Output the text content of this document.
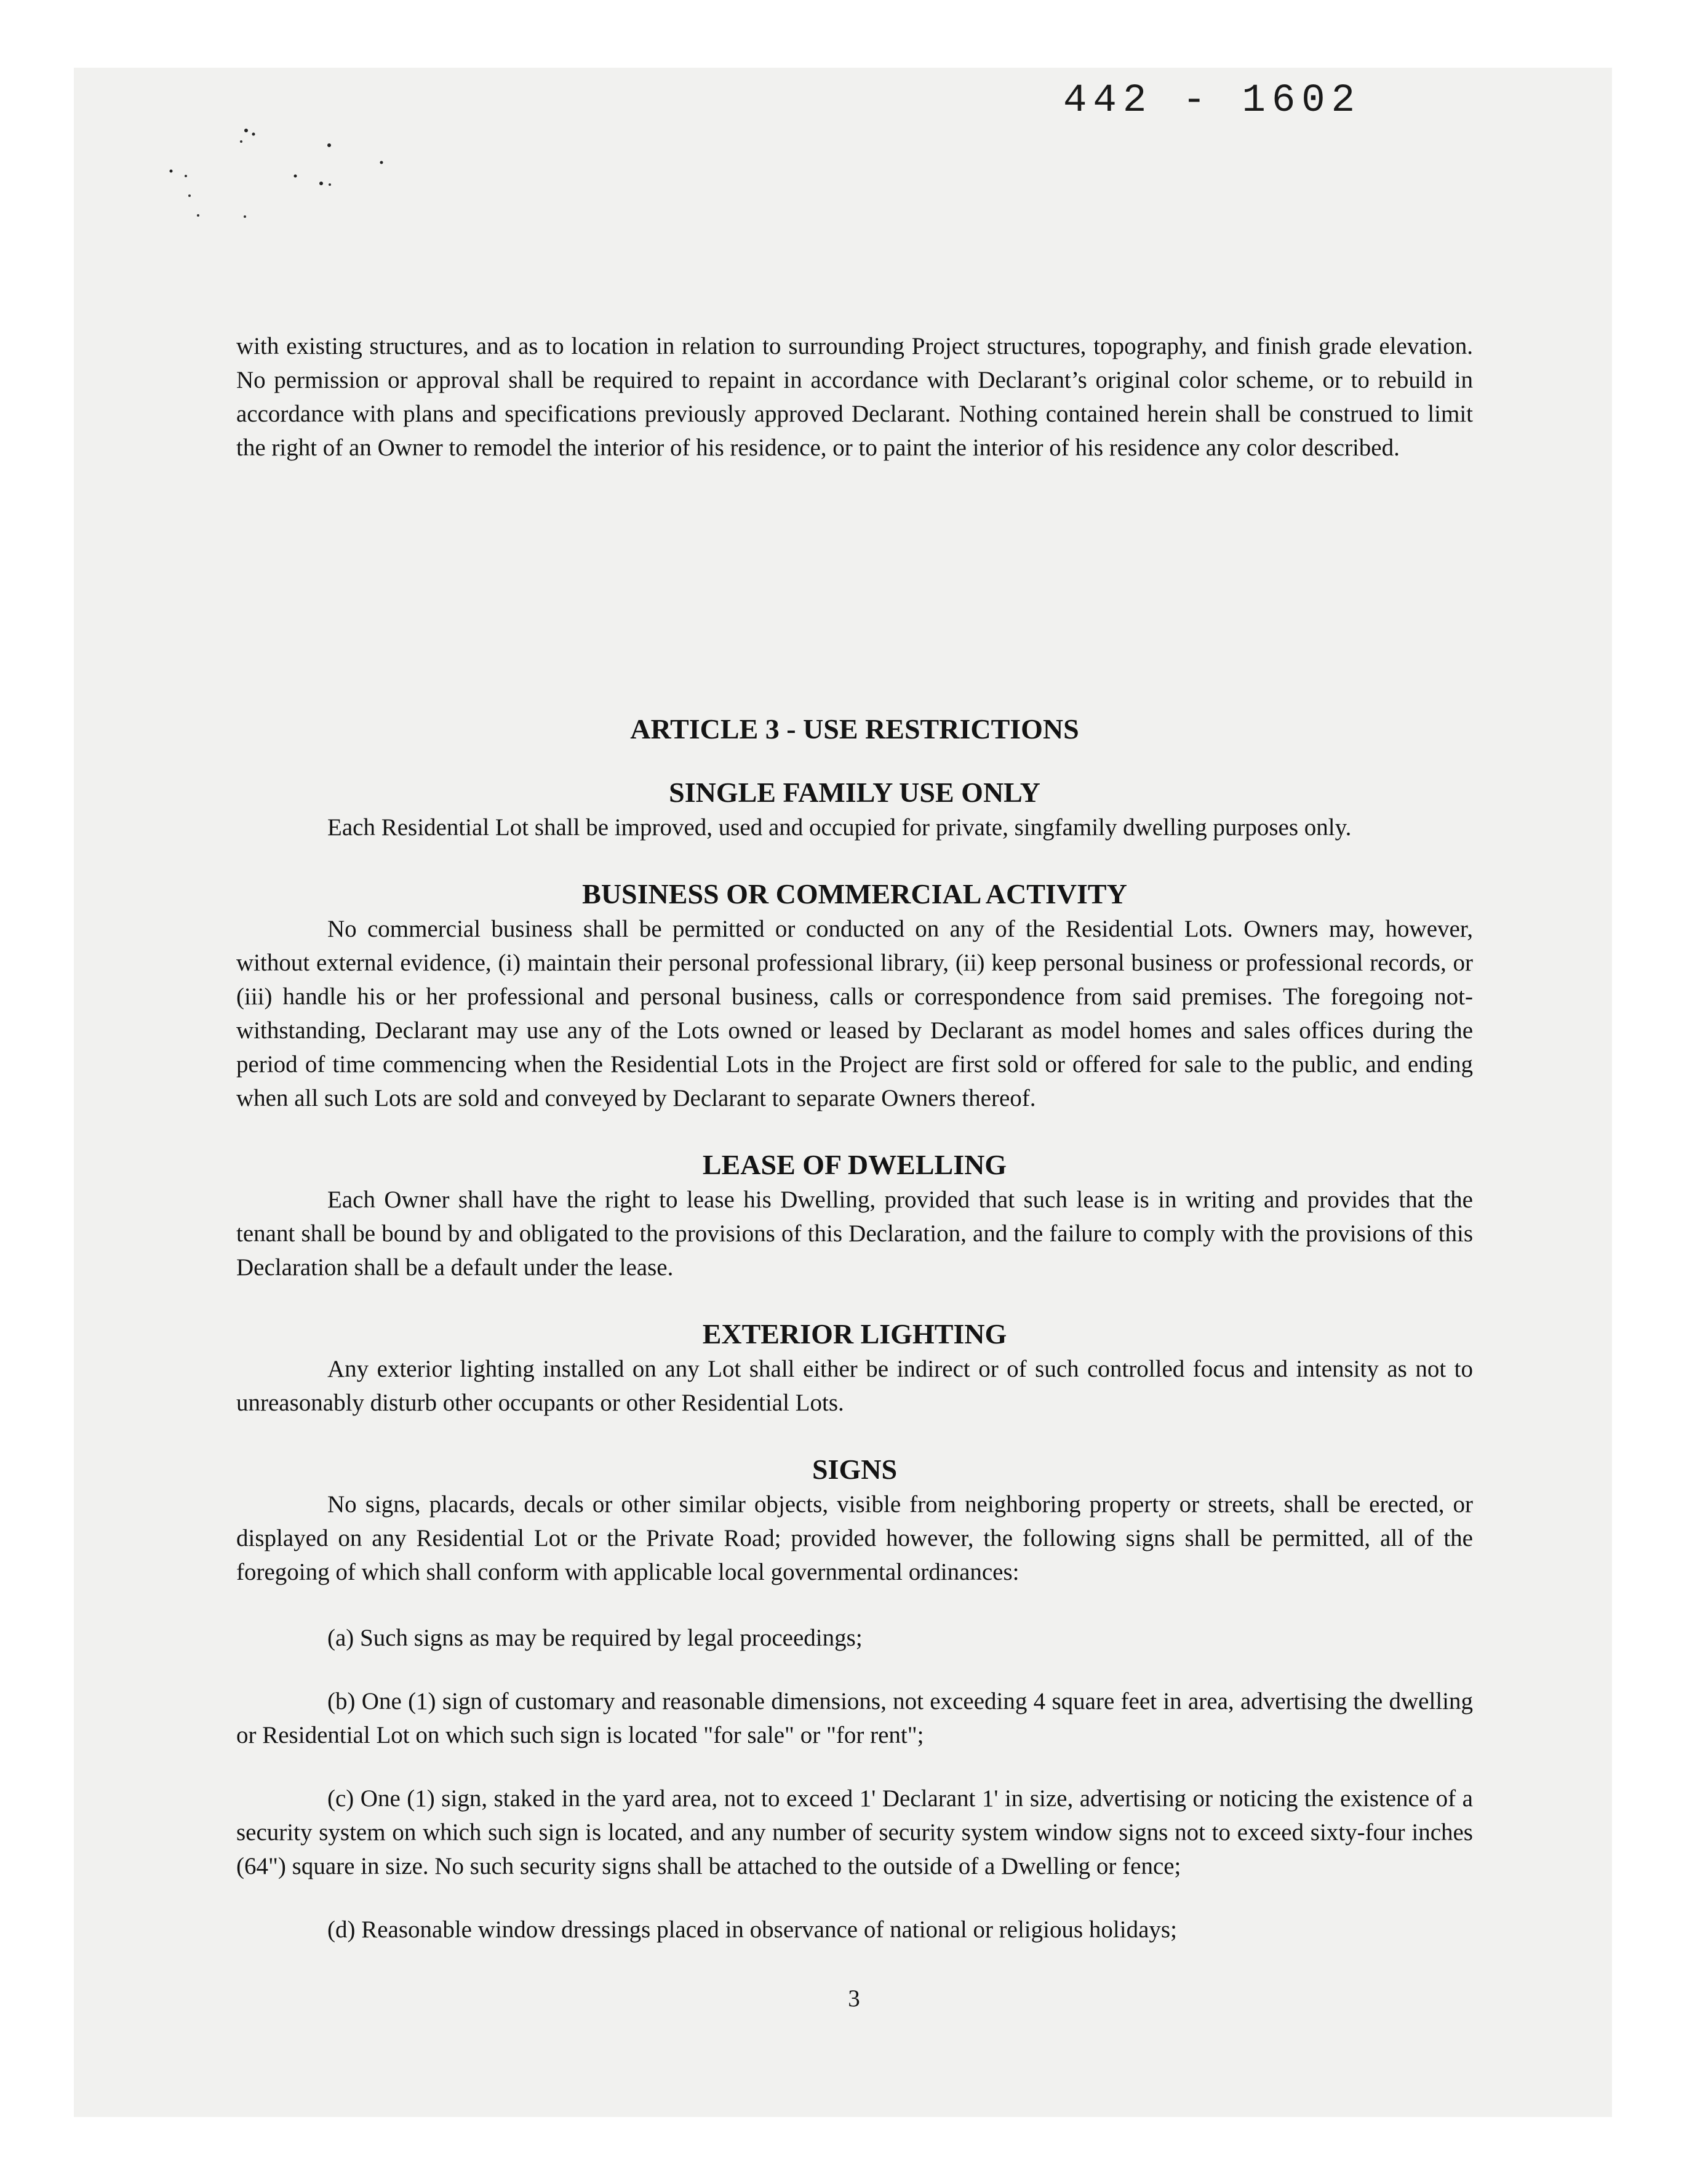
442 - 1602

with existing structures, and as to location in relation to surrounding Project structures, topography, and finish grade elevation. No permission or approval shall be required to repaint in accordance with Declarant’s original color scheme, or to rebuild in accordance with plans and specifications previously approved Declarant. Nothing contained herein shall be construed to limit the right of an Owner to remodel the interior of his residence, or to paint the interior of his residence any color described.

ARTICLE 3 - USE RESTRICTIONS
SINGLE FAMILY USE ONLY

Each Residential Lot shall be improved, used and occupied for private, singfamily dwelling purposes only.

BUSINESS OR COMMERCIAL ACTIVITY

No commercial business shall be permitted or conducted on any of the Residential Lots. Owners may, however, without external evidence, (i) maintain their personal professional library, (ii) keep personal business or professional records, or (iii) handle his or her professional and personal business, calls or correspondence from said premises. The foregoing not-withstanding, Declarant may use any of the Lots owned or leased by Declarant as model homes and sales offices during the period of time commencing when the Residential Lots in the Project are first sold or offered for sale to the public, and ending when all such Lots are sold and conveyed by Declarant to separate Owners thereof.

LEASE OF DWELLING

Each Owner shall have the right to lease his Dwelling, provided that such lease is in writing and provides that the tenant shall be bound by and obligated to the provisions of this Declaration, and the failure to comply with the provisions of this Declaration shall be a default under the lease.

EXTERIOR LIGHTING

Any exterior lighting installed on any Lot shall either be indirect or of such controlled focus and intensity as not to unreasonably disturb other occupants or other Residential Lots.

SIGNS

No signs, placards, decals or other similar objects, visible from neighboring property or streets, shall be erected, or displayed on any Residential Lot or the Private Road; provided however, the following signs shall be permitted, all of the foregoing of which shall conform with applicable local governmental ordinances:

(a) Such signs as may be required by legal proceedings;

(b) One (1) sign of customary and reasonable dimensions, not exceeding 4 square feet in area, advertising the dwelling or Residential Lot on which such sign is located "for sale" or "for rent";

(c) One (1) sign, staked in the yard area, not to exceed 1' Declarant 1' in size, advertising or noticing the existence of a security system on which such sign is located, and any number of security system window signs not to exceed sixty-four inches (64") square in size. No such security signs shall be attached to the outside of a Dwelling or fence;

(d) Reasonable window dressings placed in observance of national or religious holidays;

3
